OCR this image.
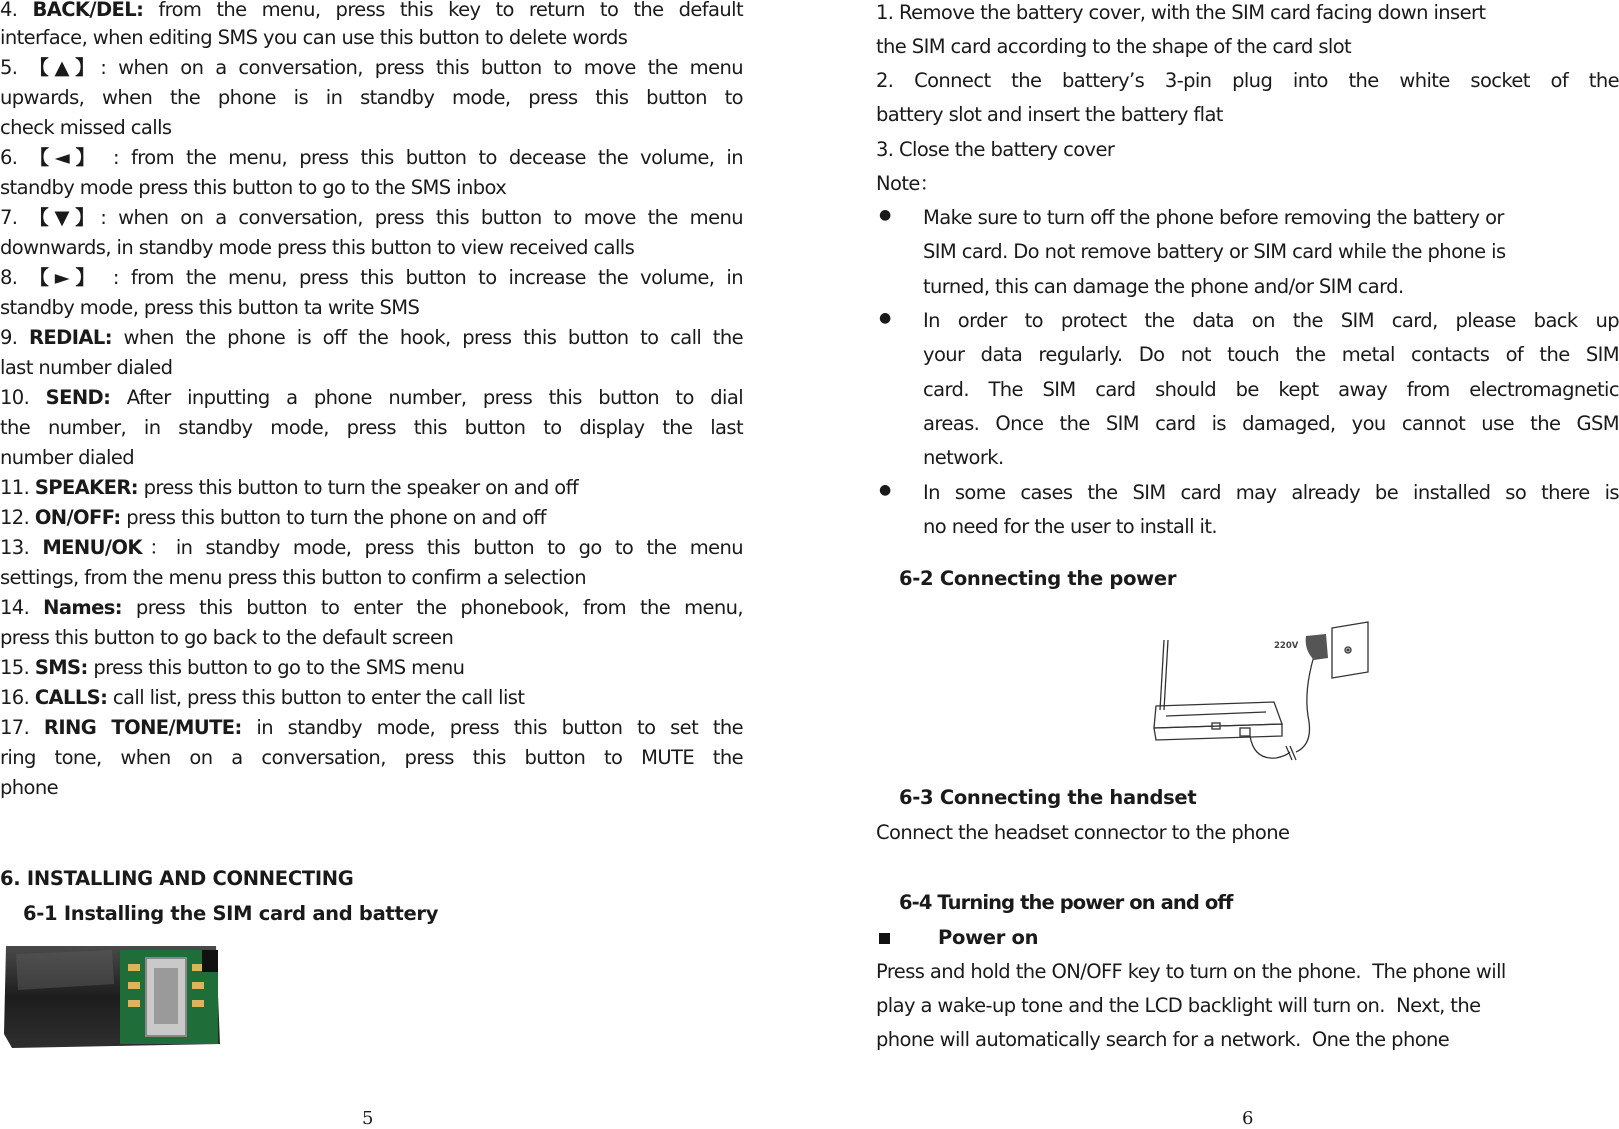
4. BACK/DEL: from the menu, press this key to return to the default
interface, when editing SMS you can use this button to delete words
5. 【▲】: when on a conversation, press this button to move the menu
upwards, when the phone is in standby mode, press this button to
check missed calls
6. 【◄】 : from the menu, press this button to decease the volume, in
standby mode press this button to go to the SMS inbox
7. 【▼】: when on a conversation, press this button to move the menu
downwards, in standby mode press this button to view received calls
8. 【►】 : from the menu, press this button to increase the volume, in
standby mode, press this button ta write SMS
9. REDIAL: when the phone is off the hook, press this button to call the
last number dialed
10. SEND: After inputting a phone number, press this button to dial
the number, in standby mode, press this button to display the last
number dialed
11. SPEAKER: press this button to turn the speaker on and off
12. ON/OFF: press this button to turn the phone on and off
13. MENU/OK：in standby mode, press this button to go to the menu
settings, from the menu press this button to confirm a selection
14. Names: press this button to enter the phonebook, from the menu,
press this button to go back to the default screen
15. SMS: press this button to go to the SMS menu
16. CALLS: call list, press this button to enter the call list
17. RING TONE/MUTE: in standby mode, press this button to set the
ring tone, when on a conversation, press this button to MUTE the
phone
6. INSTALLING AND CONNECTING
6-1 Installing the SIM card and battery
5
1. Remove the battery cover, with the SIM card facing down insert
the SIM card according to the shape of the card slot
2. Connect the battery’s 3-pin plug into the white socket of the
battery slot and insert the battery flat
3. Close the battery cover
Note：
● Make sure to turn off the phone before removing the battery or
SIM card. Do not remove battery or SIM card while the phone is
turned, this can damage the phone and/or SIM card.
● In order to protect the data on the SIM card, please back up
your data regularly. Do not touch the metal contacts of the SIM
card. The SIM card should be kept away from electromagnetic
areas. Once the SIM card is damaged, you cannot use the GSM
network.
● In some cases the SIM card may already be installed so there is
no need for the user to install it.
6-2 Connecting the power
220V
6-3 Connecting the handset
Connect the headset connector to the phone
6-4 Turning the power on and off
Power on
Press and hold the ON/OFF key to turn on the phone.  The phone will
play a wake-up tone and the LCD backlight will turn on.  Next, the
phone will automatically search for a network.  One the phone
6
